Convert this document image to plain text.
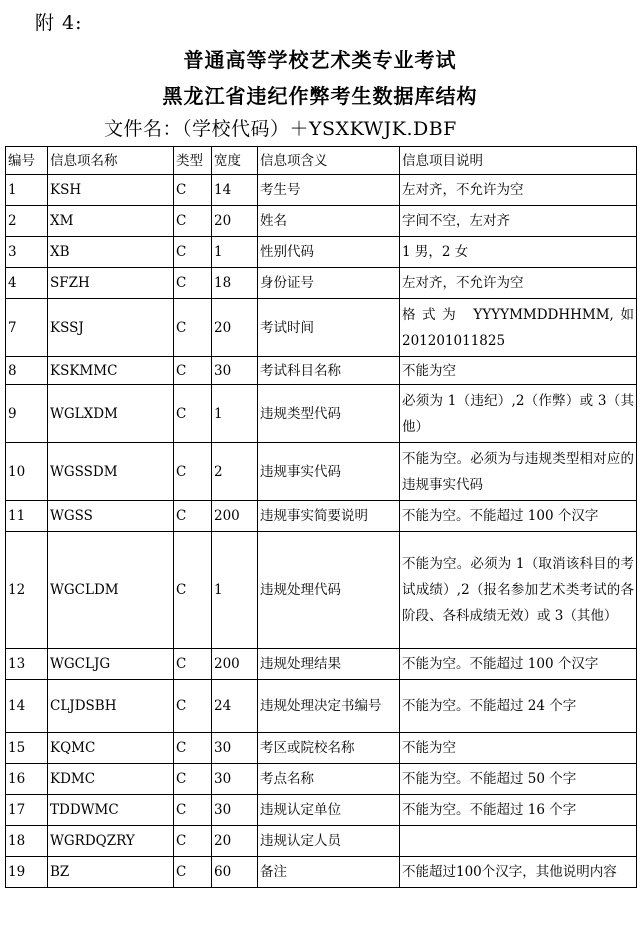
附 4:
普通高等学校艺术类专业考试
黑龙江省违纪作弊考生数据库结构
文件名：（学校代码）＋YSXKWJK.DBF
编号	信息项名称	类型	宽度	信息项含义	信息项目说明
1	KSH	C	14	考生号	左对齐，不允许为空
2	XM	C	20	姓名	字间不空，左对齐
3	XB	C	1	性别代码	1 男，2 女
4	SFZH	C	18	身份证号	左对齐，不允许为空
7	KSSJ	C	20	考试时间	格式为 YYYYMMDDHHMM,如 201201011825
8	KSKMMC	C	30	考试科目名称	不能为空
9	WGLXDM	C	1	违规类型代码	必须为 1（违纪）,2（作弊）或 3（其他）
10	WGSSDM	C	2	违规事实代码	不能为空。必须为与违规类型相对应的违规事实代码
11	WGSS	C	200	违规事实简要说明	不能为空。不能超过 100 个汉字
12	WGCLDM	C	1	违规处理代码	不能为空。必须为 1（取消该科目的考试成绩）,2（报名参加艺术类考试的各阶段、各科成绩无效）或 3（其他）
13	WGCLJG	C	200	违规处理结果	不能为空。不能超过 100 个汉字
14	CLJDSBH	C	24	违规处理决定书编号	不能为空。不能超过 24 个字
15	KQMC	C	30	考区或院校名称	不能为空
16	KDMC	C	30	考点名称	不能为空。不能超过 50 个字
17	TDDWMC	C	30	违规认定单位	不能为空。不能超过 16 个字
18	WGRDQZRY	C	20	违规认定人员	
19	BZ	C	60	备注	不能超过100个汉字，其他说明内容
